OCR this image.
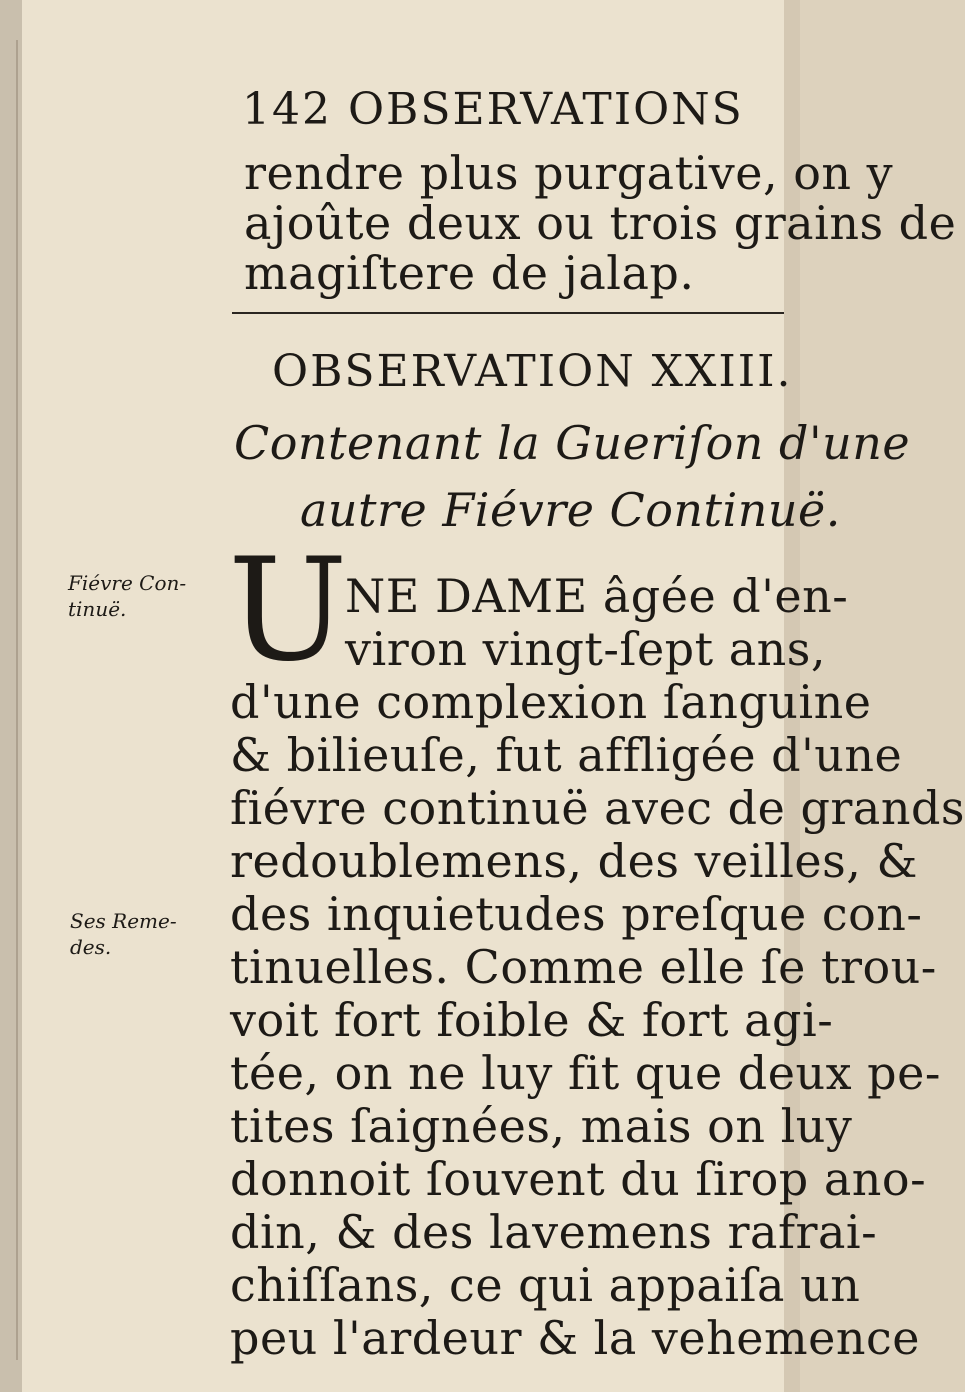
142 OBSERVATIONS
rendre plus purgative, on y
ajoûte deux ou trois grains de
magiſtere de jalap.
OBSERVATION XXIII.
Contenant la Gueriſon d'une
autre Fiévre Continuë.
U
NE DAME âgée d'en-
viron vingt-ſept ans,
d'une complexion ſanguine
& bilieuſe, fut affligée d'une
fiévre continuë avec de grands
redoublemens, des veilles, &
des inquietudes preſque con-
tinuelles. Comme elle ſe trou-
voit fort foible & fort agi-
tée, on ne luy fit que deux pe-
tites ſaignées, mais on luy
donnoit ſouvent du ſirop ano-
din, & des lavemens rafrai-
chiſſans, ce qui appaiſa un
peu l'ardeur & la vehemence
Fiévre Con-
tinuë.
Ses Reme-
des.
